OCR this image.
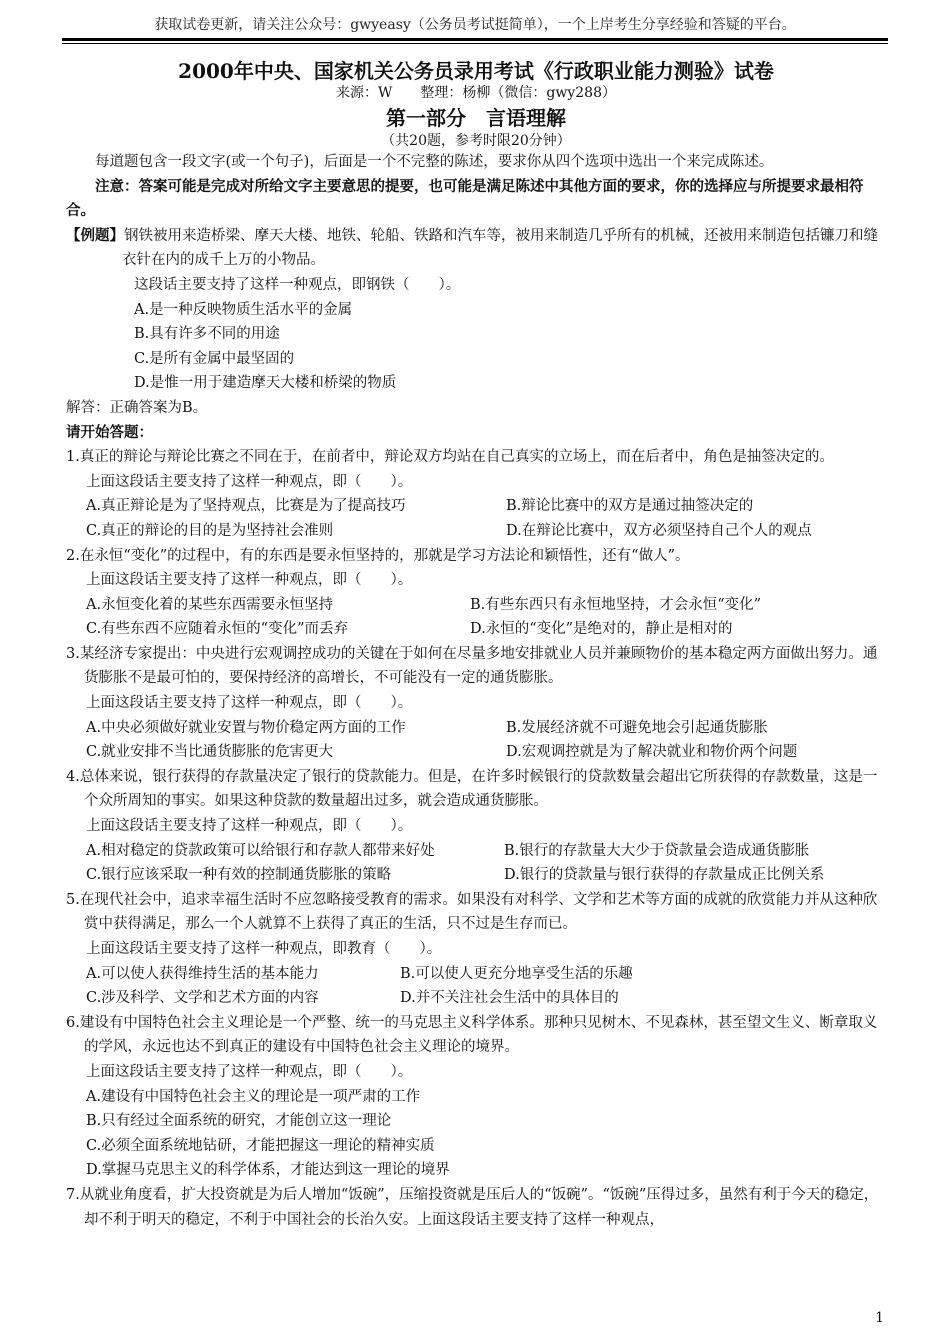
获取试卷更新，请关注公众号：gwyeasy（公务员考试挺简单），一个上岸考生分享经验和答疑的平台。
2000年中央、国家机关公务员录用考试《行政职业能力测验》试卷
来源：W　　整理：杨柳（微信：gwy288）
第一部分　言语理解
（共20题，参考时限20分钟）

每道题包含一段文字(或一个句子)，后面是一个不完整的陈述，要求你从四个选项中选出一个来完成陈述。

注意：答案可能是完成对所给文字主要意思的提要，也可能是满足陈述中其他方面的要求，你的选择应与所提要求最相符合。

【例题】钢铁被用来造桥梁、摩天大楼、地铁、轮船、铁路和汽车等，被用来制造几乎所有的机械，还被用来制造包括镰刀和缝衣针在内的成千上万的小物品。

这段话主要支持了这样一种观点，即钢铁（　　）。

A.是一种反映物质生活水平的金属

B.具有许多不同的用途

C.是所有金属中最坚固的

D.是惟一用于建造摩天大楼和桥梁的物质

解答：正确答案为B。

请开始答题：

1.真正的辩论与辩论比赛之不同在于，在前者中，辩论双方均站在自己真实的立场上，而在后者中，角色是抽签决定的。

上面这段话主要支持了这样一种观点，即（　　）。

A.真正辩论是为了坚持观点，比赛是为了提高技巧	B.辩论比赛中的双方是通过抽签决定的
C.真正的辩论的目的是为坚持社会准则	D.在辩论比赛中，双方必须坚持自己个人的观点

2.在永恒“变化”的过程中，有的东西是要永恒坚持的，那就是学习方法论和颖悟性，还有“做人”。

上面这段话主要支持了这样一种观点，即（　　）。

A.永恒变化着的某些东西需要永恒坚持	B.有些东西只有永恒地坚持，才会永恒“变化”
C.有些东西不应随着永恒的“变化”而丢弃	D.永恒的“变化”是绝对的，静止是相对的

3.某经济专家提出：中央进行宏观调控成功的关键在于如何在尽量多地安排就业人员并兼顾物价的基本稳定两方面做出努力。通货膨胀不是最可怕的，要保持经济的高增长，不可能没有一定的通货膨胀。

上面这段话主要支持了这样一种观点，即（　　）。

A.中央必须做好就业安置与物价稳定两方面的工作	B.发展经济就不可避免地会引起通货膨胀
C.就业安排不当比通货膨胀的危害更大	D.宏观调控就是为了解决就业和物价两个问题

4.总体来说，银行获得的存款量决定了银行的贷款能力。但是，在许多时候银行的贷款数量会超出它所获得的存款数量，这是一个众所周知的事实。如果这种贷款的数量超出过多，就会造成通货膨胀。

上面这段话主要支持了这样一种观点，即（　　）。

A.相对稳定的贷款政策可以给银行和存款人都带来好处	B.银行的存款量大大少于贷款量会造成通货膨胀
C.银行应该采取一种有效的控制通货膨胀的策略	D.银行的贷款量与银行获得的存款量成正比例关系

5.在现代社会中，追求幸福生活时不应忽略接受教育的需求。如果没有对科学、文学和艺术等方面的成就的欣赏能力并从这种欣赏中获得满足，那么一个人就算不上获得了真正的生活，只不过是生存而已。

上面这段话主要支持了这样一种观点，即教育（　　）。

A.可以使人获得维持生活的基本能力	B.可以使人更充分地享受生活的乐趣
C.涉及科学、文学和艺术方面的内容	D.并不关注社会生活中的具体目的

6.建设有中国特色社会主义理论是一个严整、统一的马克思主义科学体系。那种只见树木、不见森林，甚至望文生义、断章取义的学风，永远也达不到真正的建设有中国特色社会主义理论的境界。

上面这段话主要支持了这样一种观点，即（　　）。

A.建设有中国特色社会主义的理论是一项严肃的工作

B.只有经过全面系统的研究，才能创立这一理论

C.必须全面系统地钻研，才能把握这一理论的精神实质

D.掌握马克思主义的科学体系，才能达到这一理论的境界

7.从就业角度看，扩大投资就是为后人增加“饭碗”，压缩投资就是压后人的“饭碗”。“饭碗”压得过多，虽然有利于今天的稳定，却不利于明天的稳定，不利于中国社会的长治久安。上面这段话主要支持了这样一种观点，

1
